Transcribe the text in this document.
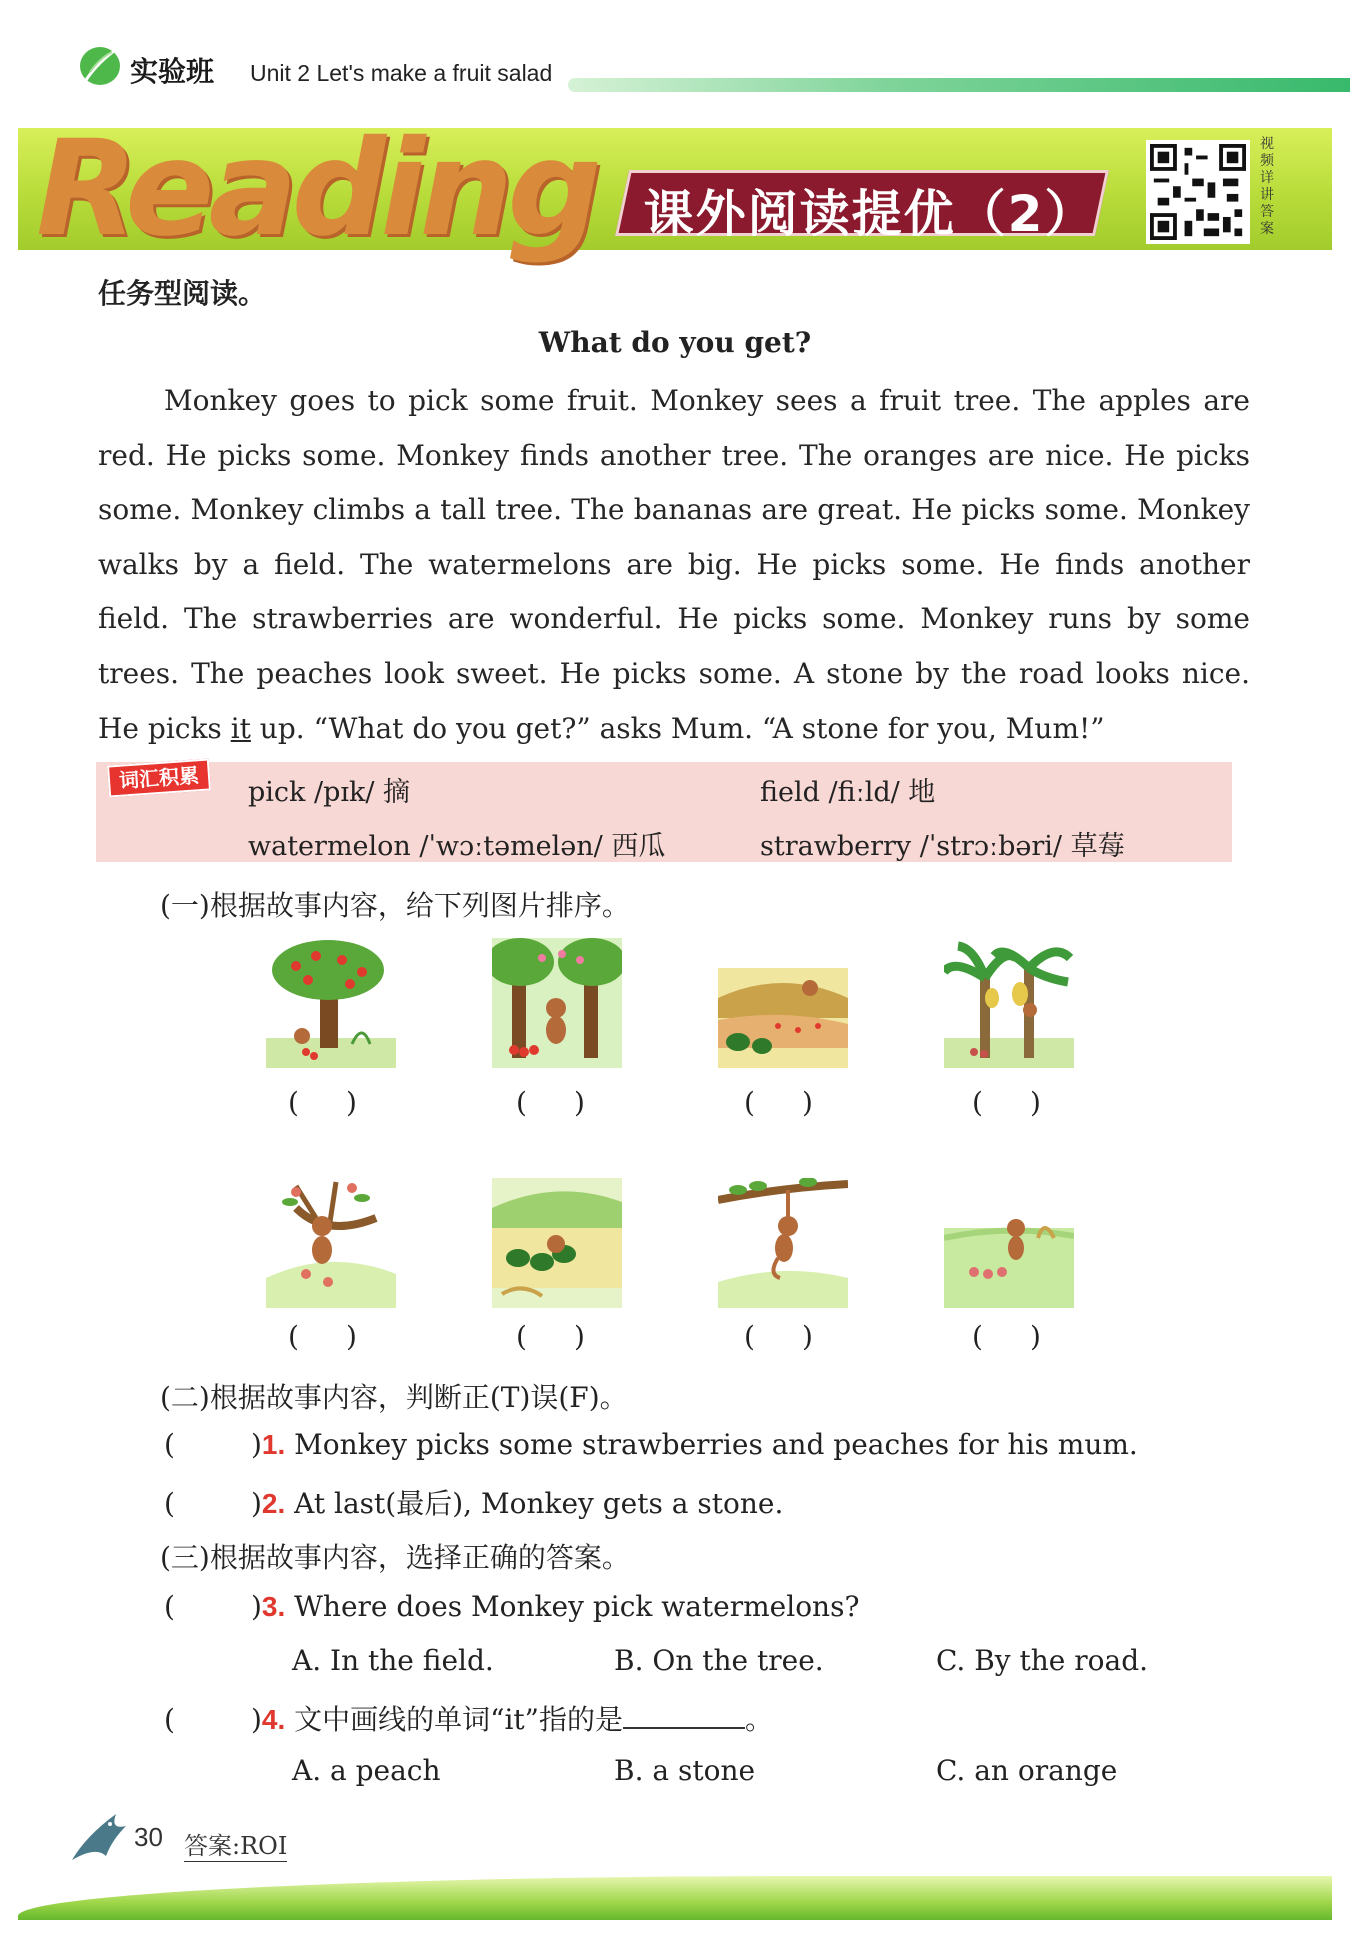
实验班 Unit 2 Let's make a fruit salad
Reading 课外阅读提优（2）
视
频
详
讲
答
案
任务型阅读。
What do you get?
Monkey goes to pick some fruit. Monkey sees a fruit tree. The apples are red. He picks some. Monkey finds another tree. The oranges are nice. He picks some. Monkey climbs a tall tree. The bananas are great. He picks some. Monkey walks by a field. The watermelons are big. He picks some. He finds another field. The strawberries are wonderful. He picks some. Monkey runs by some trees. The peaches look sweet. He picks some. A stone by the road looks nice. He picks it up. “What do you get?” asks Mum. “A stone for you, Mum!”
词汇积累	pick /pɪk/ 摘	field /fiːld/ 地
watermelon /ˈwɔːtəmelən/ 西瓜	strawberry /ˈstrɔːbəri/ 草莓
(一)根据故事内容，给下列图片排序。
( )	( )	( )	( )
( )	( )	( )	( )
(二)根据故事内容，判断正(T)误(F)。
(	)1. Monkey picks some strawberries and peaches for his mum.
(	)2. At last(最后), Monkey gets a stone.
(三)根据故事内容，选择正确的答案。
(	)3. Where does Monkey pick watermelons?
A. In the field.	B. On the tree.	C. By the road.
(	)4. 文中画线的单词“it”指的是	。
A. a peach	B. a stone	C. an orange
30 答案:ROI
